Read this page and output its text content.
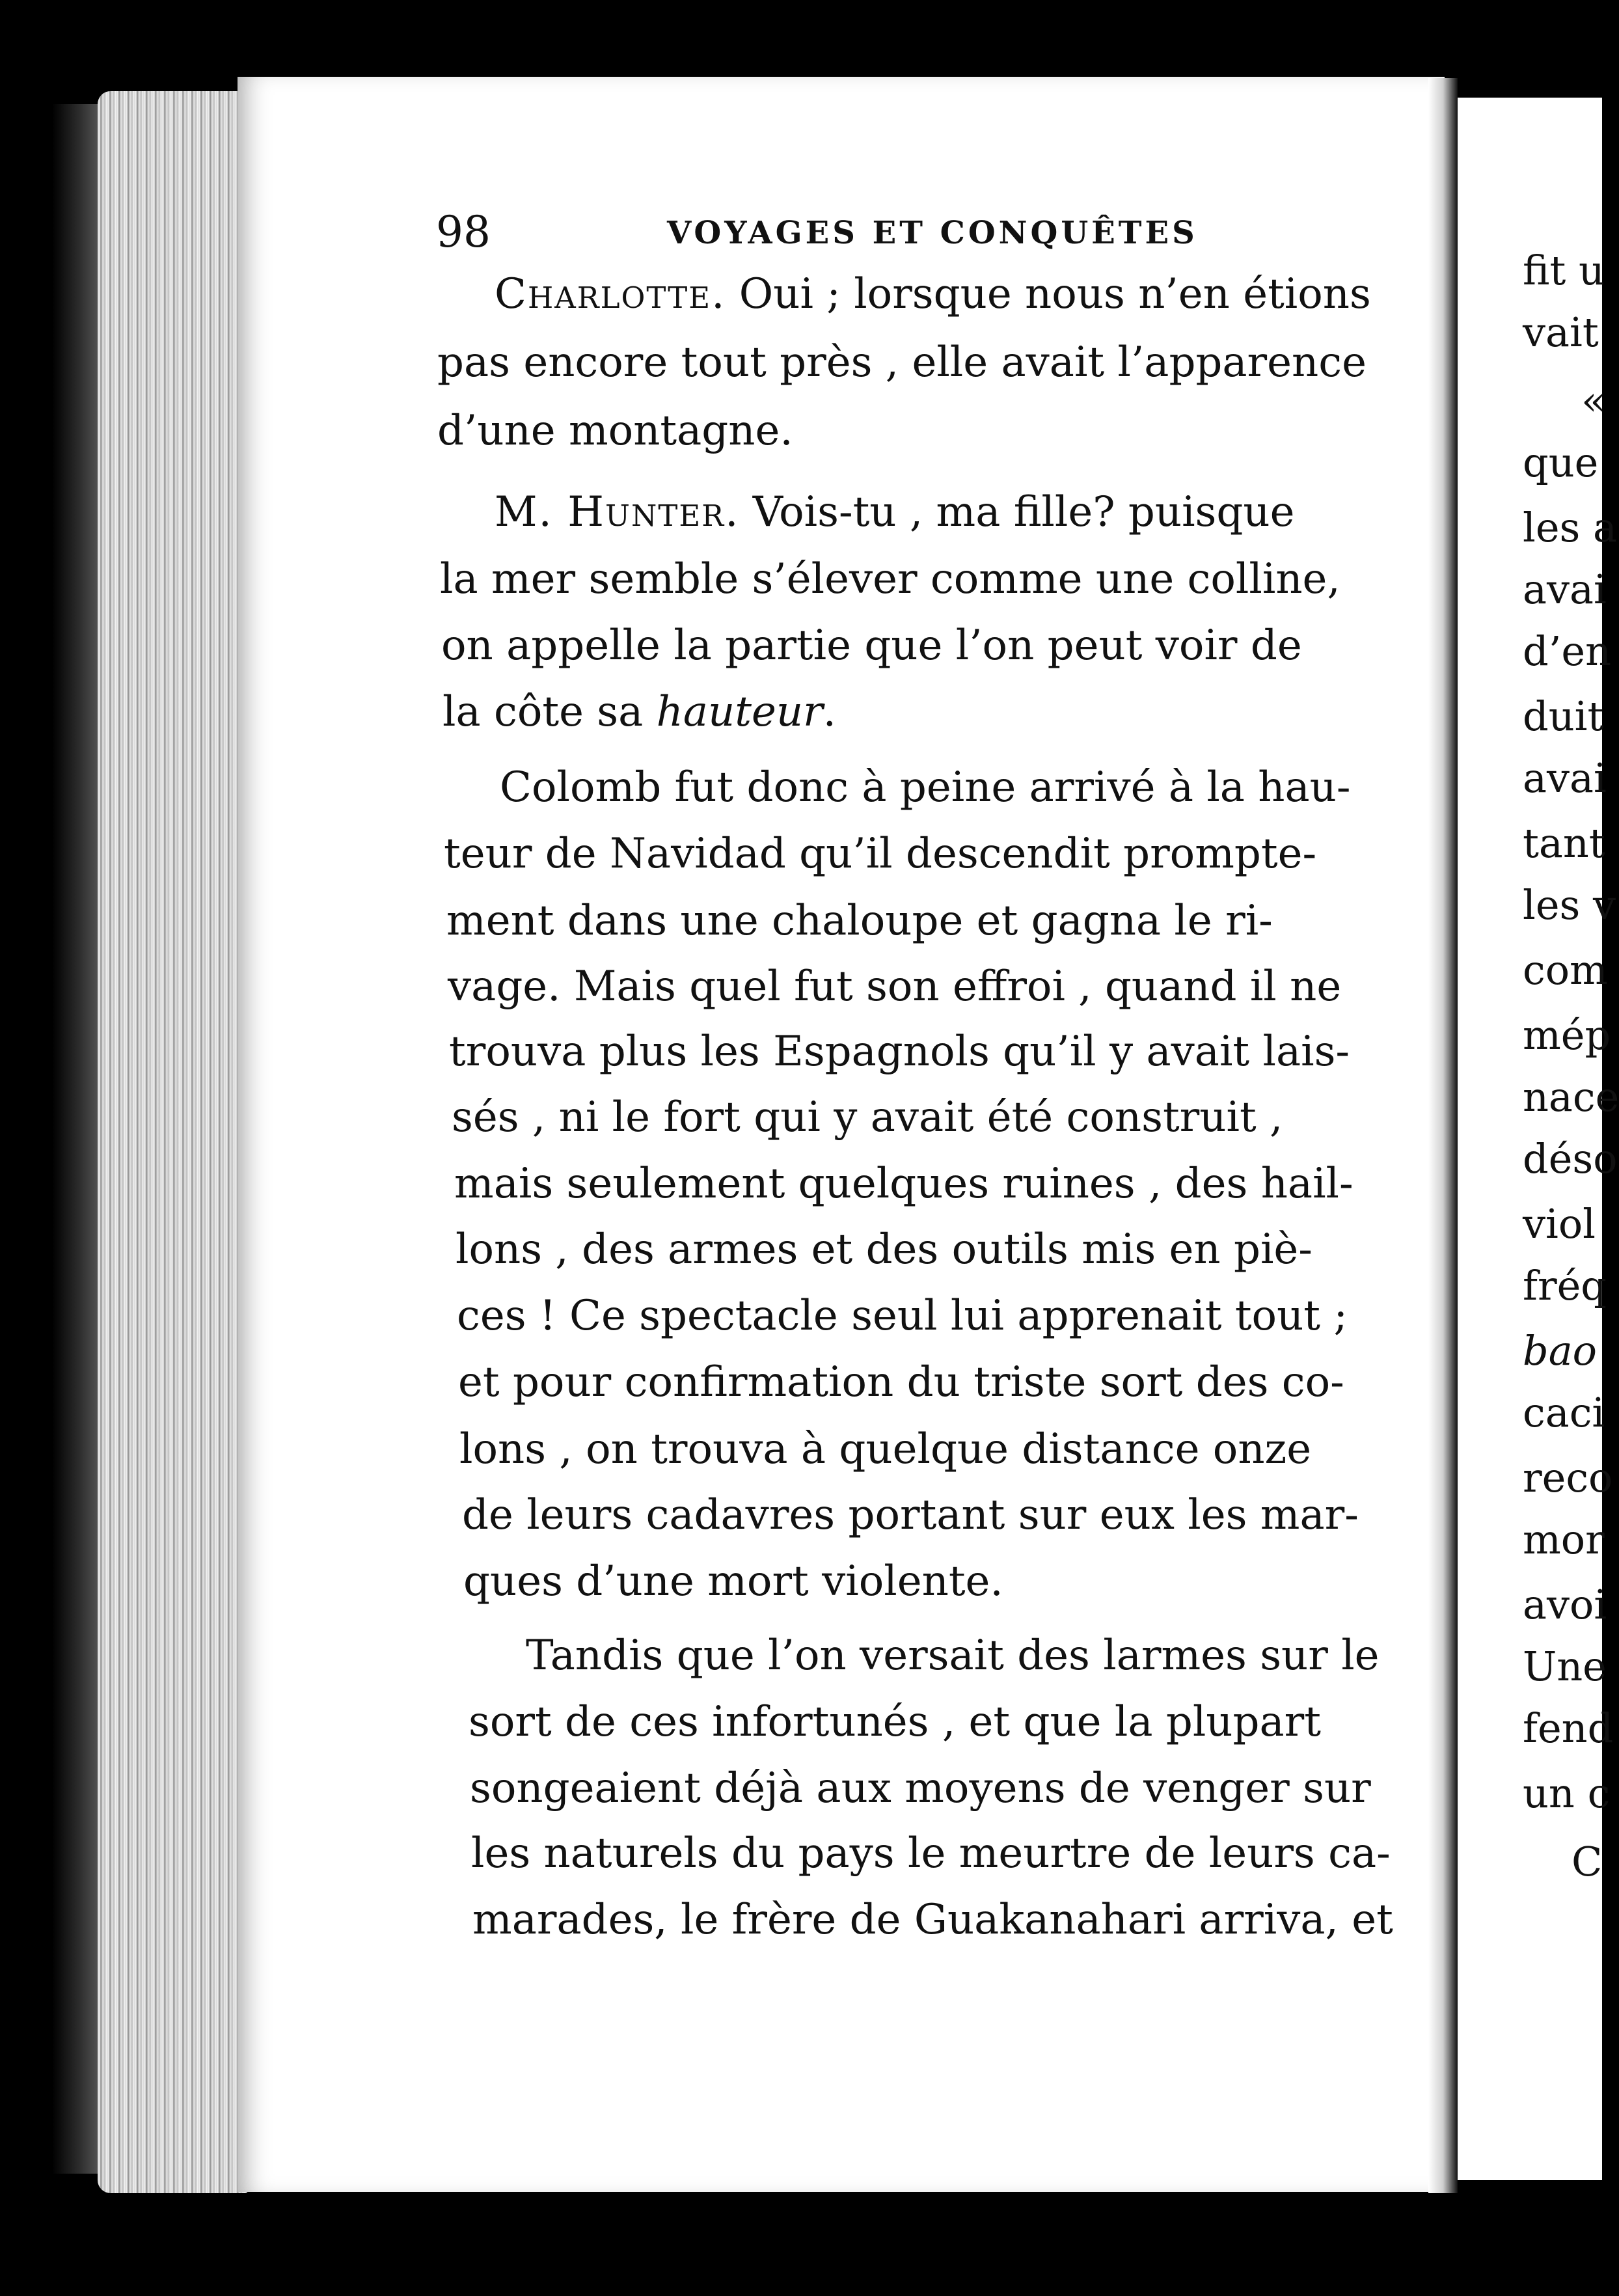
98	VOYAGES ET CONQUÊTES
Charlotte. Oui ; lorsque nous n’en étions
pas encore tout près , elle avait l’apparence
d’une montagne.
M. Hunter. Vois-tu , ma fille? puisque
la mer semble s’élever comme une colline,
on appelle la partie que l’on peut voir de
la côte sa hauteur.
Colomb fut donc à peine arrivé à la hau-
teur de Navidad qu’il descendit prompte-
ment dans une chaloupe et gagna le ri-
vage. Mais quel fut son effroi , quand il ne
trouva plus les Espagnols qu’il y avait lais-
sés , ni le fort qui y avait été construit ,
mais seulement quelques ruines , des hail-
lons , des armes et des outils mis en piè-
ces ! Ce spectacle seul lui apprenait tout ;
et pour confirmation du triste sort des co-
lons , on trouva à quelque distance onze
de leurs cadavres portant sur eux les mar-
ques d’une mort violente.
Tandis que l’on versait des larmes sur le
sort de ces infortunés , et que la plupart
songeaient déjà aux moyens de venger sur
les naturels du pays le meurtre de leurs ca-
marades, le frère de Guakanahari arriva, et
fit u
vait
«
que
les a
avai
d’en
duit
avai
tant
les v
com
mép
nace
déso
viol
fréq
bao
caci
reco
mor
avoi
Une
fend
un c
C
